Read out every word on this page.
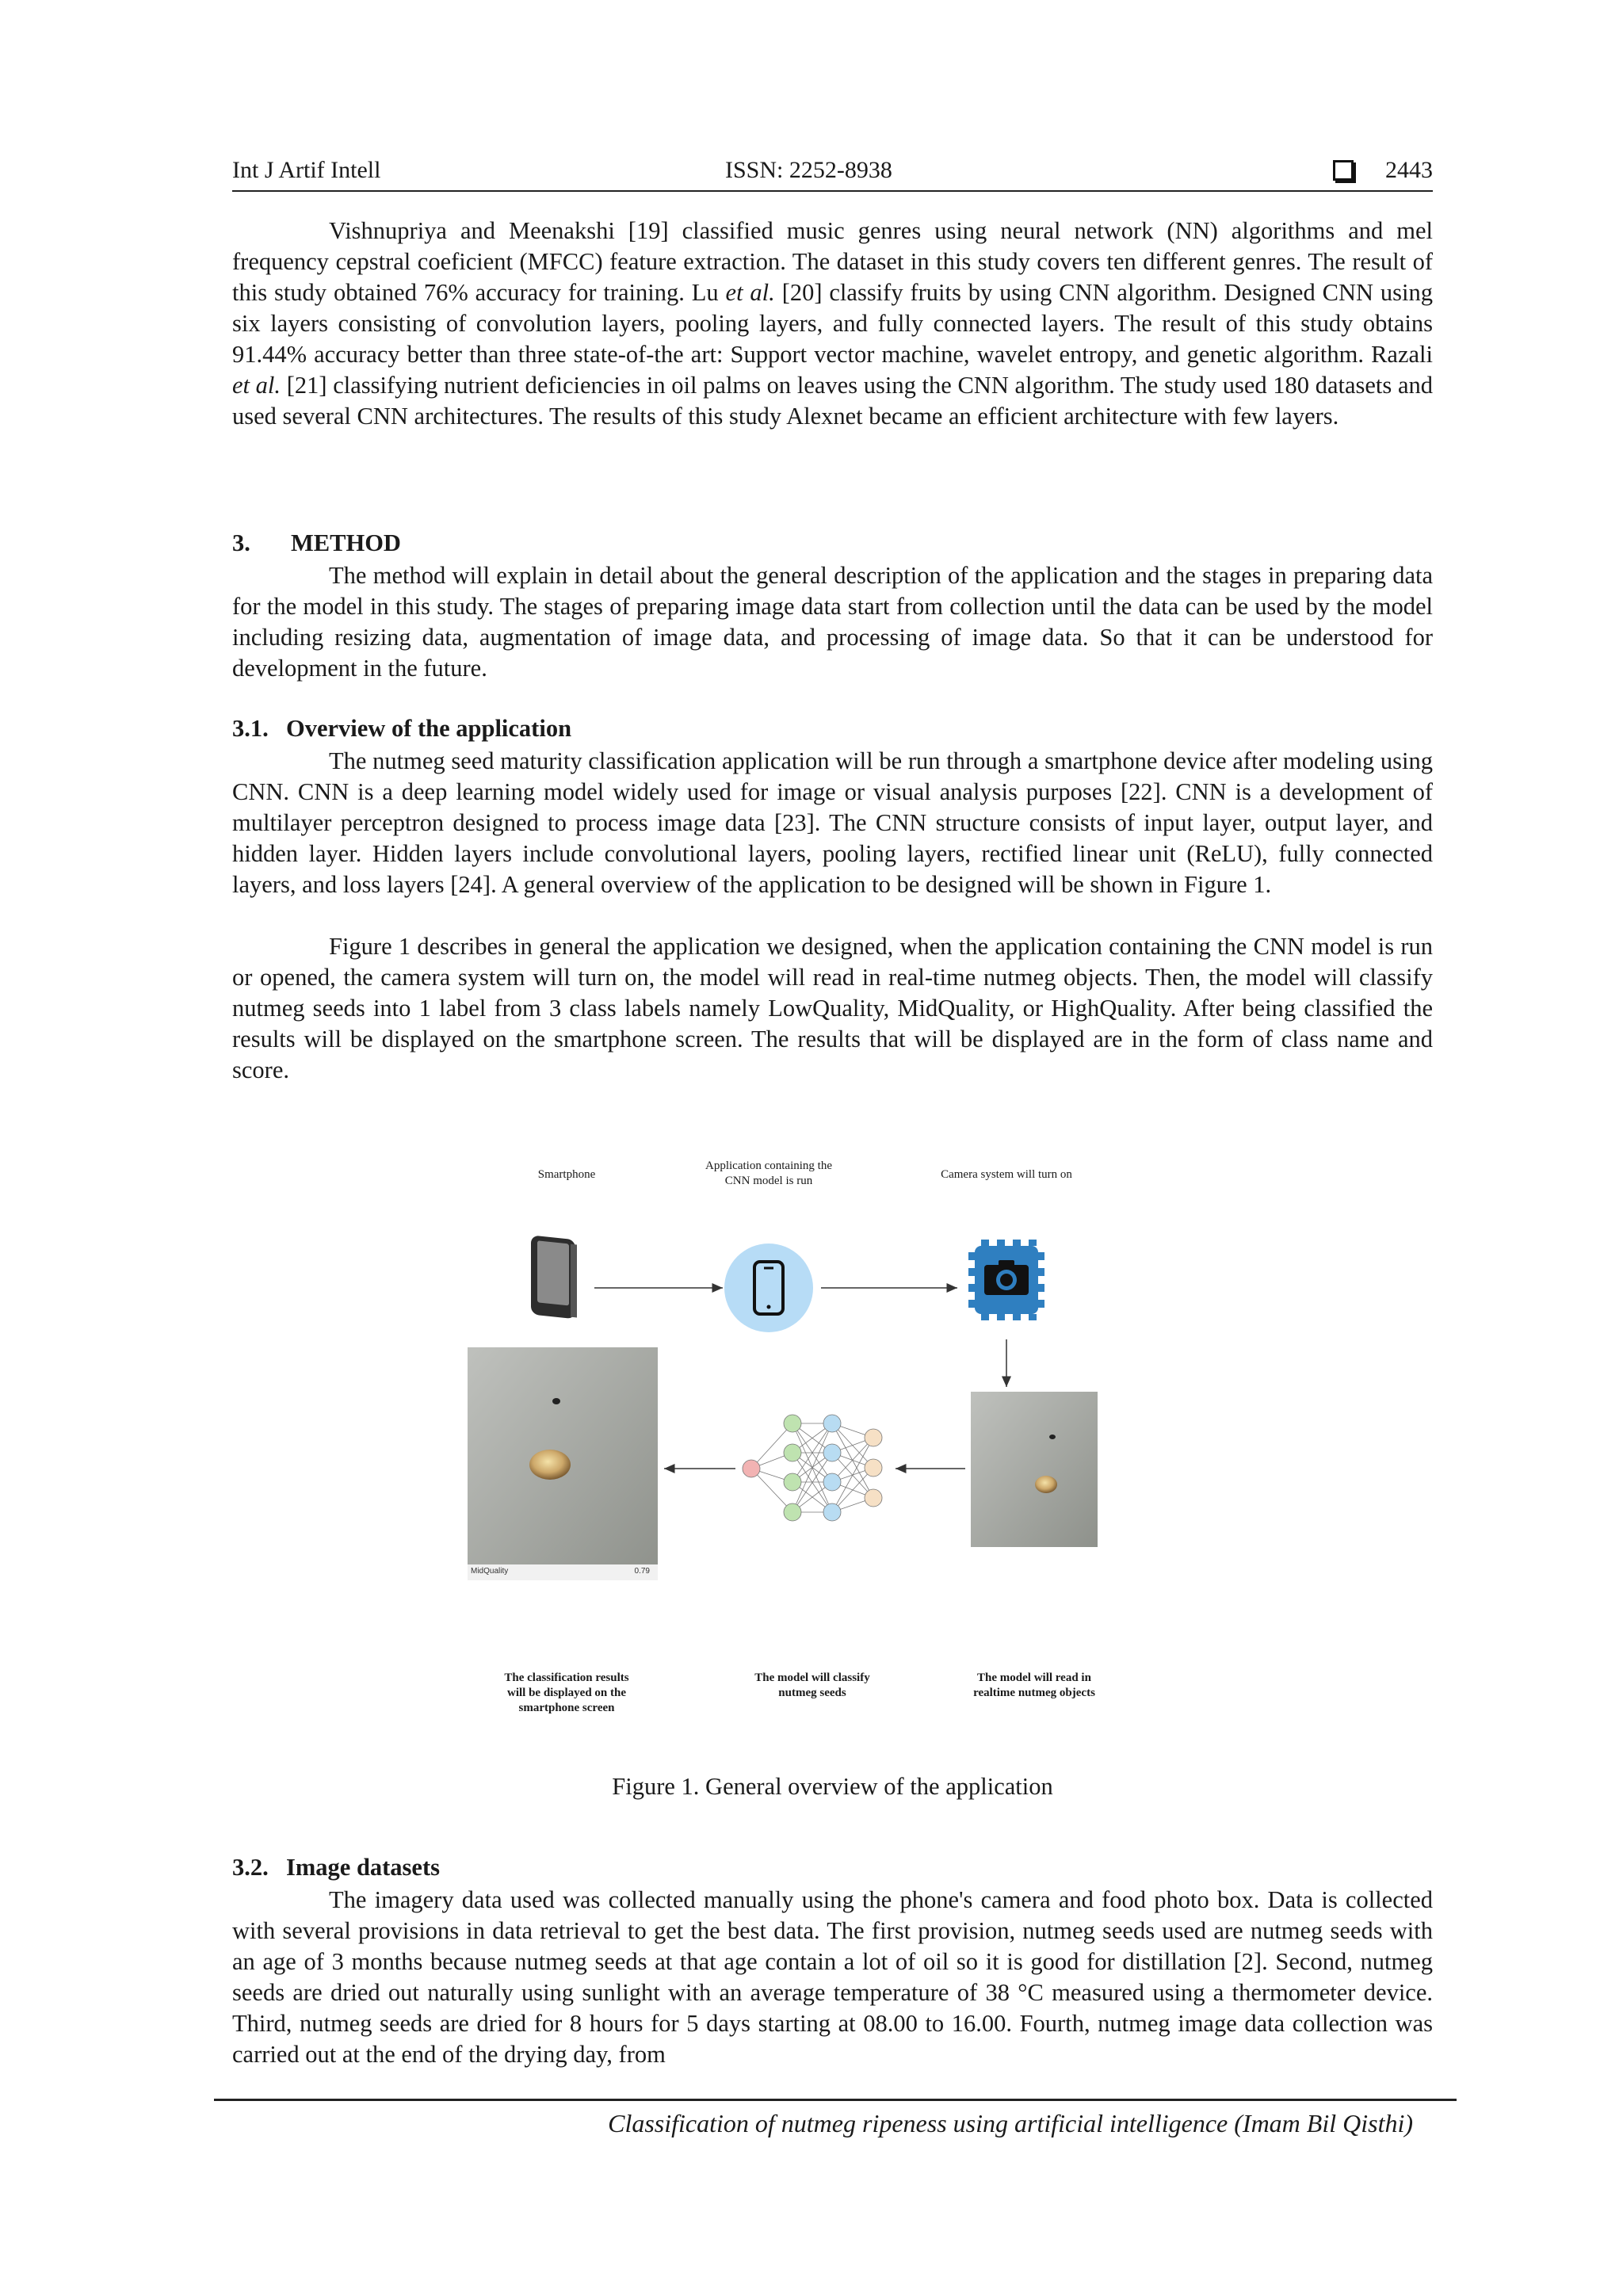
Int J Artif Intell	ISSN: 2252-8938	2443

Vishnupriya and Meenakshi [19] classified music genres using neural network (NN) algorithms and mel frequency cepstral coeficient (MFCC) feature extraction. The dataset in this study covers ten different genres. The result of this study obtained 76% accuracy for training. Lu et al. [20] classify fruits by using CNN algorithm. Designed CNN using six layers consisting of convolution layers, pooling layers, and fully connected layers. The result of this study obtains 91.44% accuracy better than three state-of-the art: Support vector machine, wavelet entropy, and genetic algorithm. Razali et al. [21] classifying nutrient deficiencies in oil palms on leaves using the CNN algorithm. The study used 180 datasets and used several CNN architectures. The results of this study Alexnet became an efficient architecture with few layers.

3. METHOD

The method will explain in detail about the general description of the application and the stages in preparing data for the model in this study. The stages of preparing image data start from collection until the data can be used by the model including resizing data, augmentation of image data, and processing of image data. So that it can be understood for development in the future.

3.1. Overview of the application

The nutmeg seed maturity classification application will be run through a smartphone device after modeling using CNN. CNN is a deep learning model widely used for image or visual analysis purposes [22]. CNN is a development of multilayer perceptron designed to process image data [23]. The CNN structure consists of input layer, output layer, and hidden layer. Hidden layers include convolutional layers, pooling layers, rectified linear unit (ReLU), fully connected layers, and loss layers [24]. A general overview of the application to be designed will be shown in Figure 1.

Figure 1 describes in general the application we designed, when the application containing the CNN model is run or opened, the camera system will turn on, the model will read in real-time nutmeg objects. Then, the model will classify nutmeg seeds into 1 label from 3 class labels namely LowQuality, MidQuality, or HighQuality. After being classified the results will be displayed on the smartphone screen. The results that will be displayed are in the form of class name and score.

Smartphone
Application containing the
CNN model is run	Camera system will turn on
MidQuality	0.79
The classification results
will be displayed on the
smartphone screen
The model will classify
nutmeg seeds
The model will read in
realtime nutmeg objects

Figure 1. General overview of the application

3.2. Image datasets

The imagery data used was collected manually using the phone's camera and food photo box. Data is collected with several provisions in data retrieval to get the best data. The first provision, nutmeg seeds used are nutmeg seeds with an age of 3 months because nutmeg seeds at that age contain a lot of oil so it is good for distillation [2]. Second, nutmeg seeds are dried out naturally using sunlight with an average temperature of 38 °C measured using a thermometer device. Third, nutmeg seeds are dried for 8 hours for 5 days starting at 08.00 to 16.00. Fourth, nutmeg image data collection was carried out at the end of the drying day, from

Classification of nutmeg ripeness using artificial intelligence (Imam Bil Qisthi)
